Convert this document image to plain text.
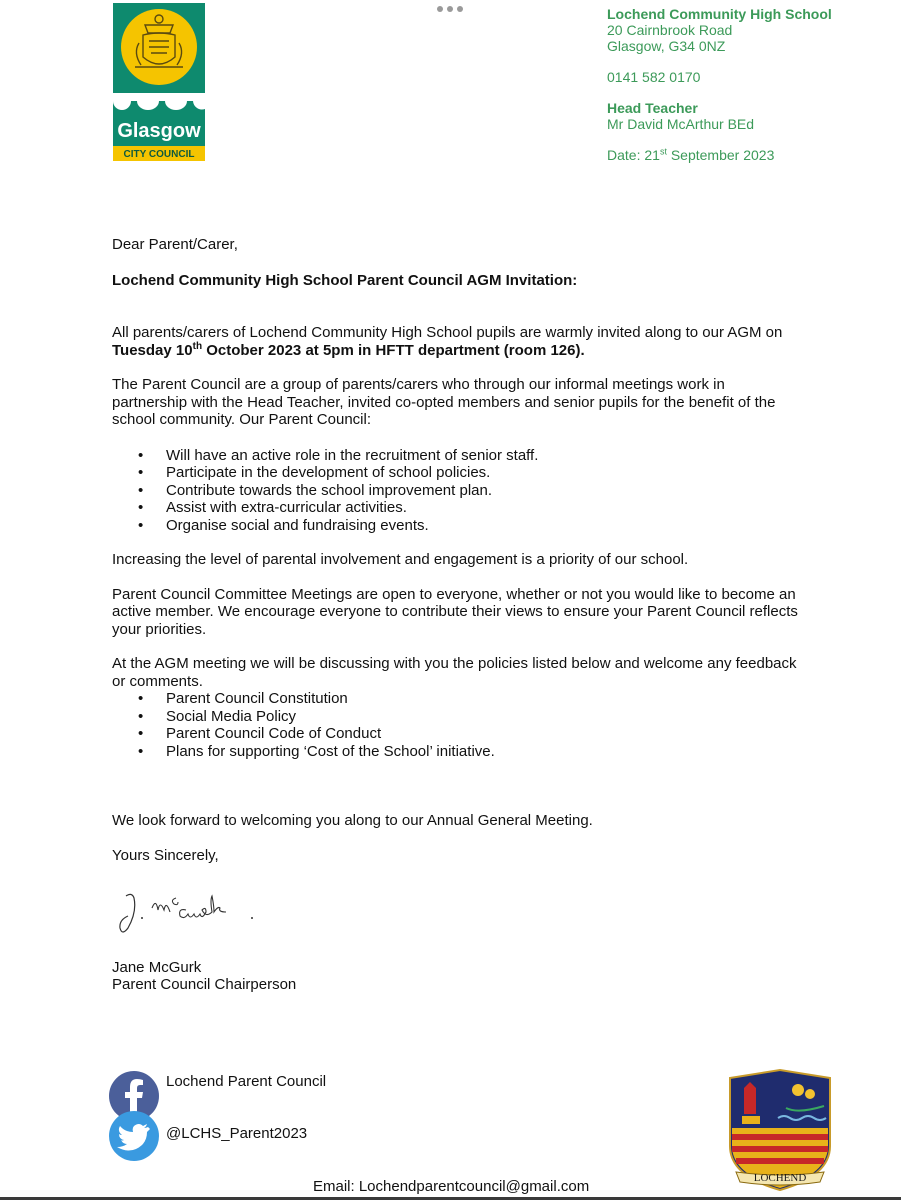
Glasgow
CITY COUNCIL
Lochend Community High School
20 Cairnbrook Road
Glasgow, G34 0NZ
0141 582 0170
Head Teacher
Mr David McArthur BEd
Date: 21st September 2023

Dear Parent/Carer,

Lochend Community High School Parent Council AGM Invitation:

All parents/carers of Lochend Community High School pupils are warmly invited along to our AGM on
Tuesday 10th October 2023 at 5pm in HFTT department (room 126).

The Parent Council are a group of parents/carers who through our informal meetings work in partnership with the Head Teacher, invited co-opted members and senior pupils for the benefit of the school community. Our Parent Council:

• Will have an active role in the recruitment of senior staff.
• Participate in the development of school policies.
• Contribute towards the school improvement plan.
• Assist with extra-curricular activities.
• Organise social and fundraising events.

Increasing the level of parental involvement and engagement is a priority of our school.

Parent Council Committee Meetings are open to everyone, whether or not you would like to become an active member. We encourage everyone to contribute their views to ensure your Parent Council reflects your priorities.

At the AGM meeting we will be discussing with you the policies listed below and welcome any feedback or comments.

• Parent Council Constitution
• Social Media Policy
• Parent Council Code of Conduct
• Plans for supporting ‘Cost of the School’ initiative.

We look forward to welcoming you along to our Annual General Meeting.

Yours Sincerely,

Jane McGurk
Parent Council Chairperson
Lochend Parent Council
@LCHS_Parent2023
Email: Lochendparentcouncil@gmail.com	LOCHEND
